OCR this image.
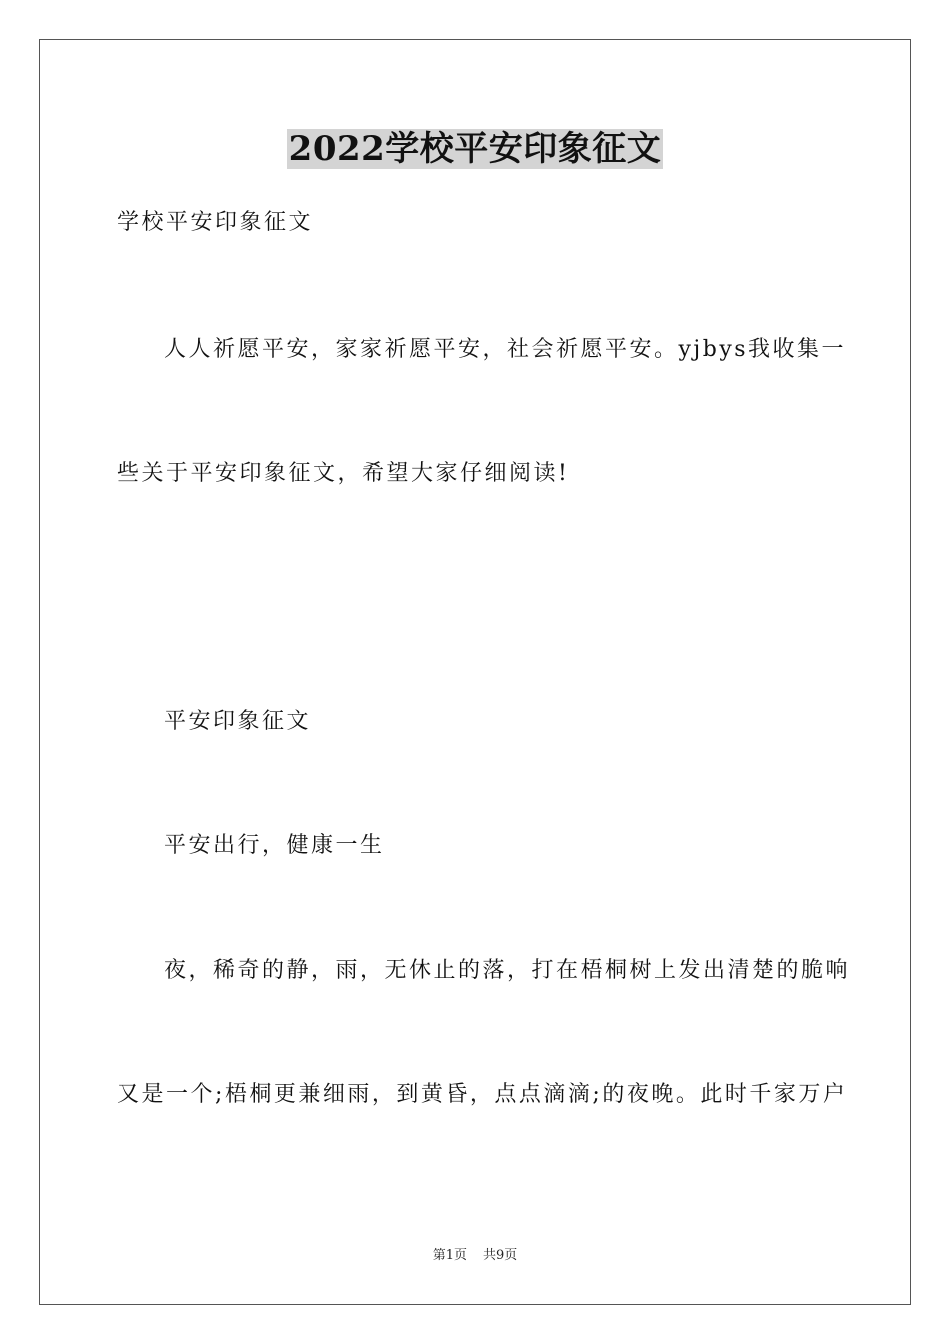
2022学校平安印象征文
学校平安印象征文
人人祈愿平安，家家祈愿平安，社会祈愿平安。yjbys我收集一
些关于平安印象征文，希望大家仔细阅读!
平安印象征文
平安出行，健康一生
夜，稀奇的静，雨，无休止的落，打在梧桐树上发出清楚的脆响
又是一个;梧桐更兼细雨，到黄昏，点点滴滴;的夜晚。此时千家万户
第1页 共9页
